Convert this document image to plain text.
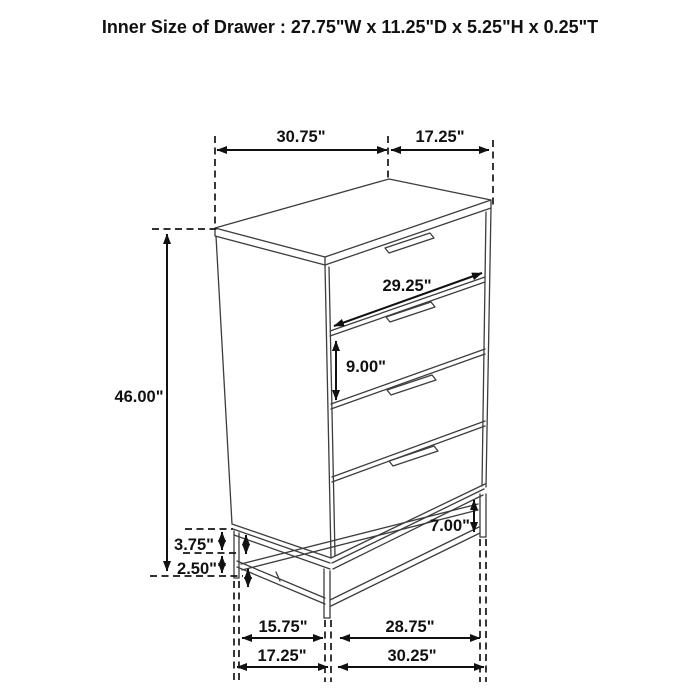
Inner Size of Drawer : 27.75"W x 11.25"D x 5.25"H x 0.25"T
30.75"	17.25"
46.00"
29.25"
9.00"
7.00"
3.75"
2.50"
15.75"	28.75"
17.25"	30.25"
